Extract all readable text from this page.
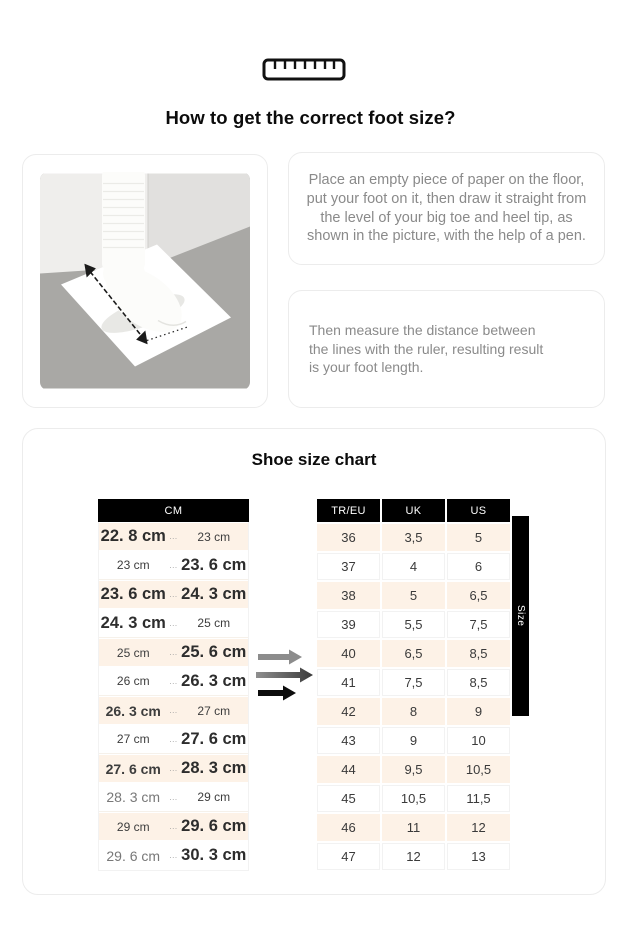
How to get the correct foot size?

Place an empty piece of paper on the floor, put your foot on it, then draw it straight from the level of your big toe and heel tip, as shown in the picture, with the help of a pen.

Then measure the distance between the lines with the ruler, resulting result is your foot length.

Shoe size chart
CM
22. 8 cm ...	23 cm
23 cm	... 23. 6 cm
23. 6 cm ... 24. 3 cm
24. 3 cm ...	25 cm
25 cm	... 25. 6 cm
26 cm	... 26. 3 cm
26. 3 cm	...	27 cm
27 cm	... 27. 6 cm
27. 6 cm	... 28. 3 cm
28. 3 cm	...	29 cm
29 cm	... 29. 6 cm
29. 6 cm	... 30. 3 cm
TR/EU	UK	US
36	3,5	5
37	4	6
38	5	6,5
39	5,5	7,5
40	6,5	8,5
41	7,5	8,5
42	8	9
43	9	10
44	9,5	10,5
45	10,5	11,5
46	11	12
47	12	13
Size
